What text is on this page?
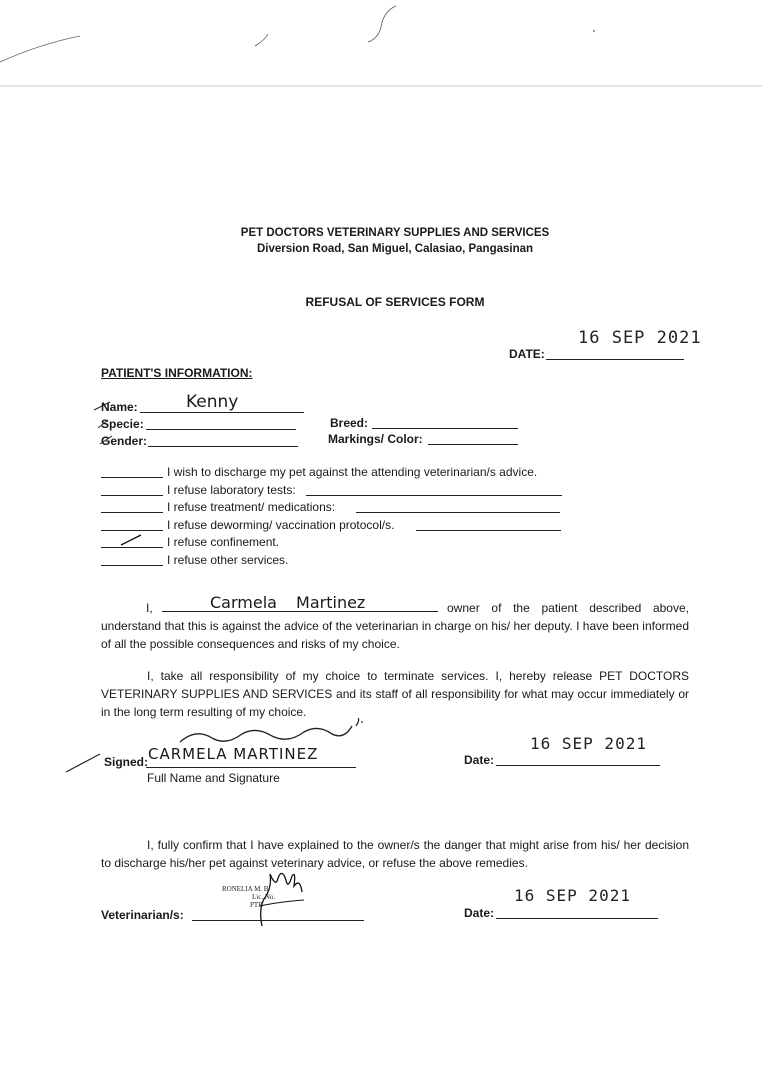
PET DOCTORS VETERINARY SUPPLIES AND SERVICES
Diversion Road, San Miguel, Calasiao, Pangasinan
REFUSAL OF SERVICES FORM
DATE:
16 SEP 2021
PATIENT'S INFORMATION:
Name:	Kenny
Specie:
Gender:
Breed:
Markings/ Color:
I wish to discharge my pet against the attending veterinarian/s advice.
I refuse laboratory tests:
I refuse treatment/ medications:
I refuse deworming/ vaccination protocol/s.
I refuse confinement.
I refuse other services.
I,	Carmela Martinez	owner of the patient described above, understand that this is against the advice of the veterinarian in charge on his/ her deputy. I have been informed of all the possible consequences and risks of my choice.
I, take all responsibility of my choice to terminate services. I, hereby release PET DOCTORS VETERINARY SUPPLIES AND SERVICES and its staff of all responsibility for what may occur immediately or in the long term resulting of my choice.
Signed: CARMELA MARTINEZ
Full Name and Signature
Date:
16 SEP 2021
I, fully confirm that I have explained to the owner/s the danger that might arise from his/ her decision to discharge his/her pet against veterinary advice, or refuse the above remedies.
Veterinarian/s:
RONELIA M. B
Lic. No.
PTR
Date:
16 SEP 2021
